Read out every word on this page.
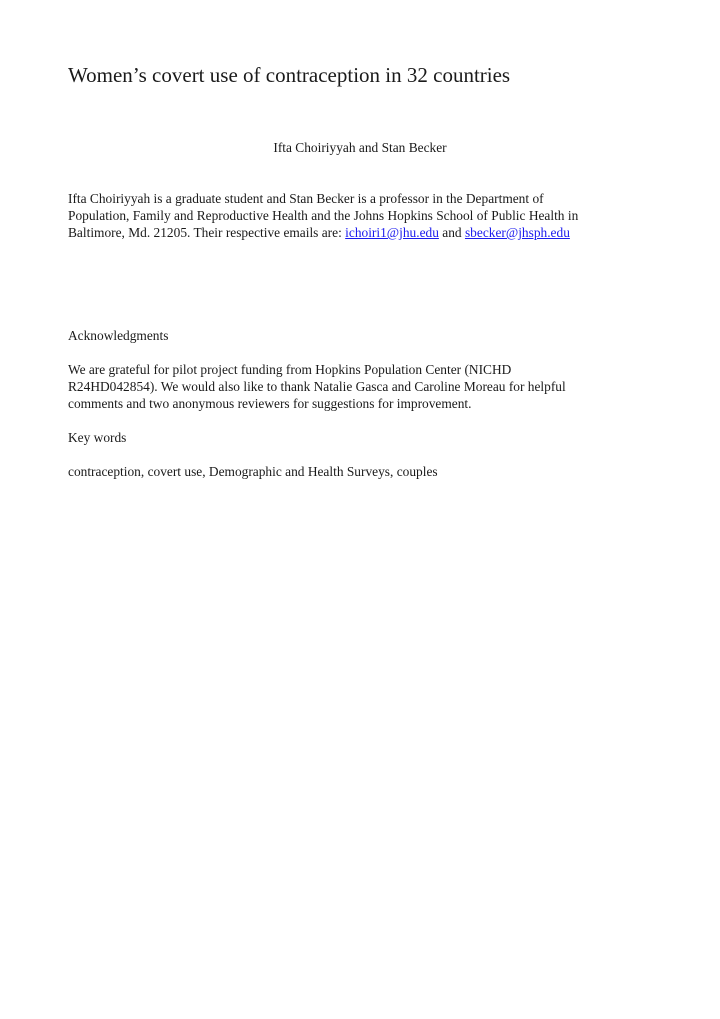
Women’s covert use of contraception in 32 countries

Ifta Choiriyyah and Stan Becker

Ifta Choiriyyah is a graduate student and Stan Becker is a professor in the Department of
Population, Family and Reproductive Health and the Johns Hopkins School of Public Health in
Baltimore, Md. 21205. Their respective emails are: ichoiri1@jhu.edu and sbecker@jhsph.edu

Acknowledgments

We are grateful for pilot project funding from Hopkins Population Center (NICHD
R24HD042854). We would also like to thank Natalie Gasca and Caroline Moreau for helpful
comments and two anonymous reviewers for suggestions for improvement.

Key words

contraception, covert use, Demographic and Health Surveys, couples
